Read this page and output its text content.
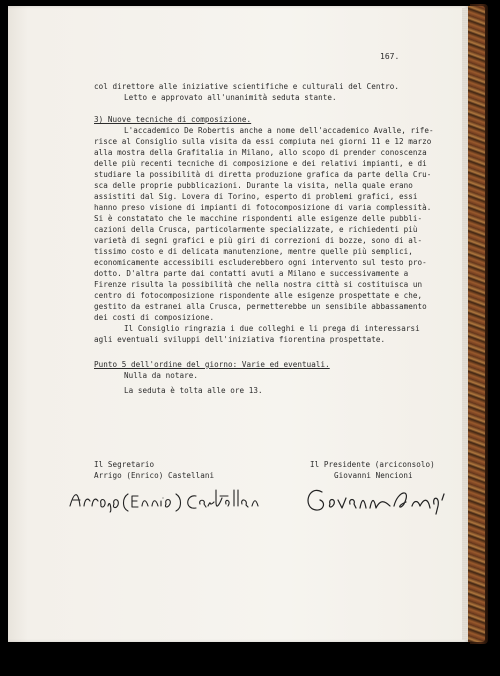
167.
col direttore alle iniziative scientifiche e culturali del Centro.
Letto e approvato all'unanimità seduta stante.
3) Nuove tecniche di composizione.
L'accademico De Robertis anche a nome dell'accademico Avalle, rife-
risce al Consiglio sulla visita da essi compiuta nei giorni 11 e 12 marzo
alla mostra della Grafitalia in Milano, allo scopo di prender conoscenza
delle più recenti tecniche di composizione e dei relativi impianti, e di
studiare la possibilità di diretta produzione grafica da parte della Cru-
sca delle proprie pubblicazioni. Durante la visita, nella quale erano
assistiti dal Sig. Lovera di Torino, esperto di problemi grafici, essi
hanno preso visione di impianti di fotocomposizione di varia complessità.
Si è constatato che le macchine rispondenti alle esigenze delle pubbli-
cazioni della Crusca, particolarmente specializzate, e richiedenti più
varietà di segni grafici e più giri di correzioni di bozze, sono di al-
tissimo costo e di delicata manutenzione, mentre quelle più semplici,
economicamente accessibili escluderebbero ogni intervento sul testo pro-
dotto. D'altra parte dai contatti avuti a Milano e successivamente a
Firenze risulta la possibilità che nella nostra città si costituisca un
centro di fotocomposizione rispondente alle esigenze prospettate e che,
gestito da estranei alla Crusca, permetterebbe un sensibile abbassamento
dei costi di composizione.
Il Consiglio ringrazia i due colleghi e li prega di interessarsi
agli eventuali sviluppi dell'iniziativa fiorentina prospettate.
Punto 5 dell'ordine del giorno: Varie ed eventuali.
Nulla da notare.
La seduta è tolta alle ore 13.
Il Segretario
Arrigo (Enrico) Castellani
Il Presidente (arciconsolo)
Giovanni Nencioni
